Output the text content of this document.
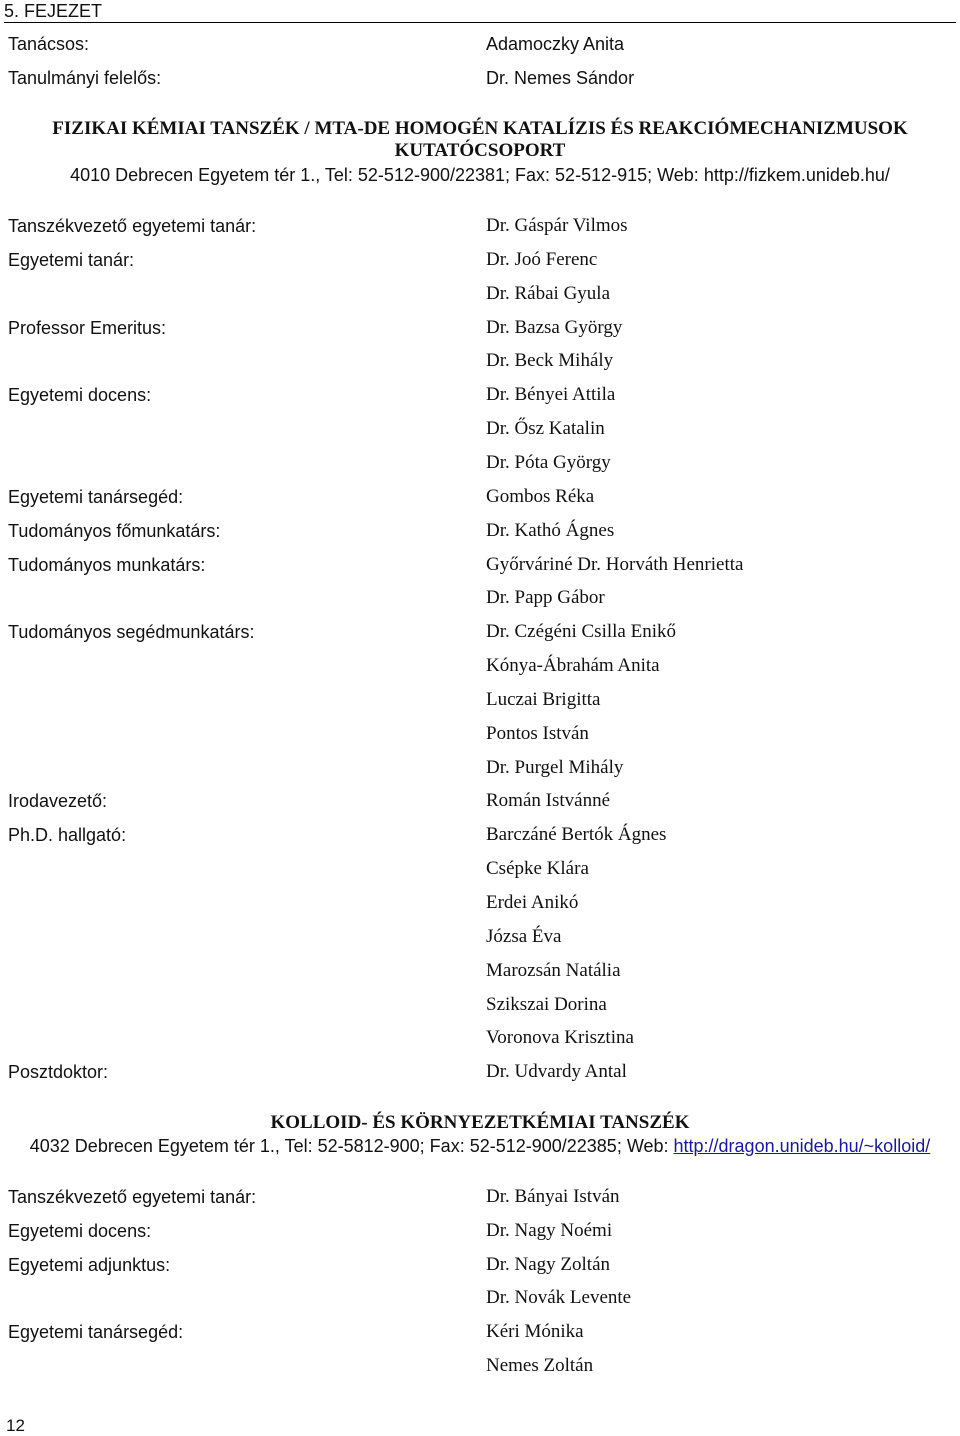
5. FEJEZET
Tanácsos:	Adamoczky Anita
Tanulmányi felelős:	Dr. Nemes Sándor
FIZIKAI KÉMIAI TANSZÉK / MTA-DE HOMOGÉN KATALÍZIS ÉS REAKCIÓMECHANIZMUSOK
KUTATÓCSOPORT
4010 Debrecen Egyetem tér 1., Tel: 52-512-900/22381; Fax: 52-512-915; Web: http://fizkem.unideb.hu/
Tanszékvezető egyetemi tanár:	Dr. Gáspár Vilmos
Egyetemi tanár:	Dr. Joó Ferenc
Dr. Rábai Gyula
Professor Emeritus:	Dr. Bazsa György
Dr. Beck Mihály
Egyetemi docens:	Dr. Bényei Attila
Dr. Ősz Katalin
Dr. Póta György
Egyetemi tanársegéd:	Gombos Réka
Tudományos főmunkatárs:	Dr. Kathó Ágnes
Tudományos munkatárs:	Győrváriné Dr. Horváth Henrietta
Dr. Papp Gábor
Tudományos segédmunkatárs:	Dr. Czégéni Csilla Enikő
Kónya-Ábrahám Anita
Luczai Brigitta
Pontos István
Dr. Purgel Mihály
Irodavezető:	Román Istvánné
Ph.D. hallgató:	Barczáné Bertók Ágnes
Csépke Klára
Erdei Anikó
Józsa Éva
Marozsán Natália
Szikszai Dorina
Voronova Krisztina
Posztdoktor:	Dr. Udvardy Antal
KOLLOID- ÉS KÖRNYEZETKÉMIAI TANSZÉK
4032 Debrecen Egyetem tér 1., Tel: 52-5812-900; Fax: 52-512-900/22385; Web: http://dragon.unideb.hu/~kolloid/
Tanszékvezető egyetemi tanár:	Dr. Bányai István
Egyetemi docens:	Dr. Nagy Noémi
Egyetemi adjunktus:	Dr. Nagy Zoltán
Dr. Novák Levente
Egyetemi tanársegéd:	Kéri Mónika
Nemes Zoltán
12
